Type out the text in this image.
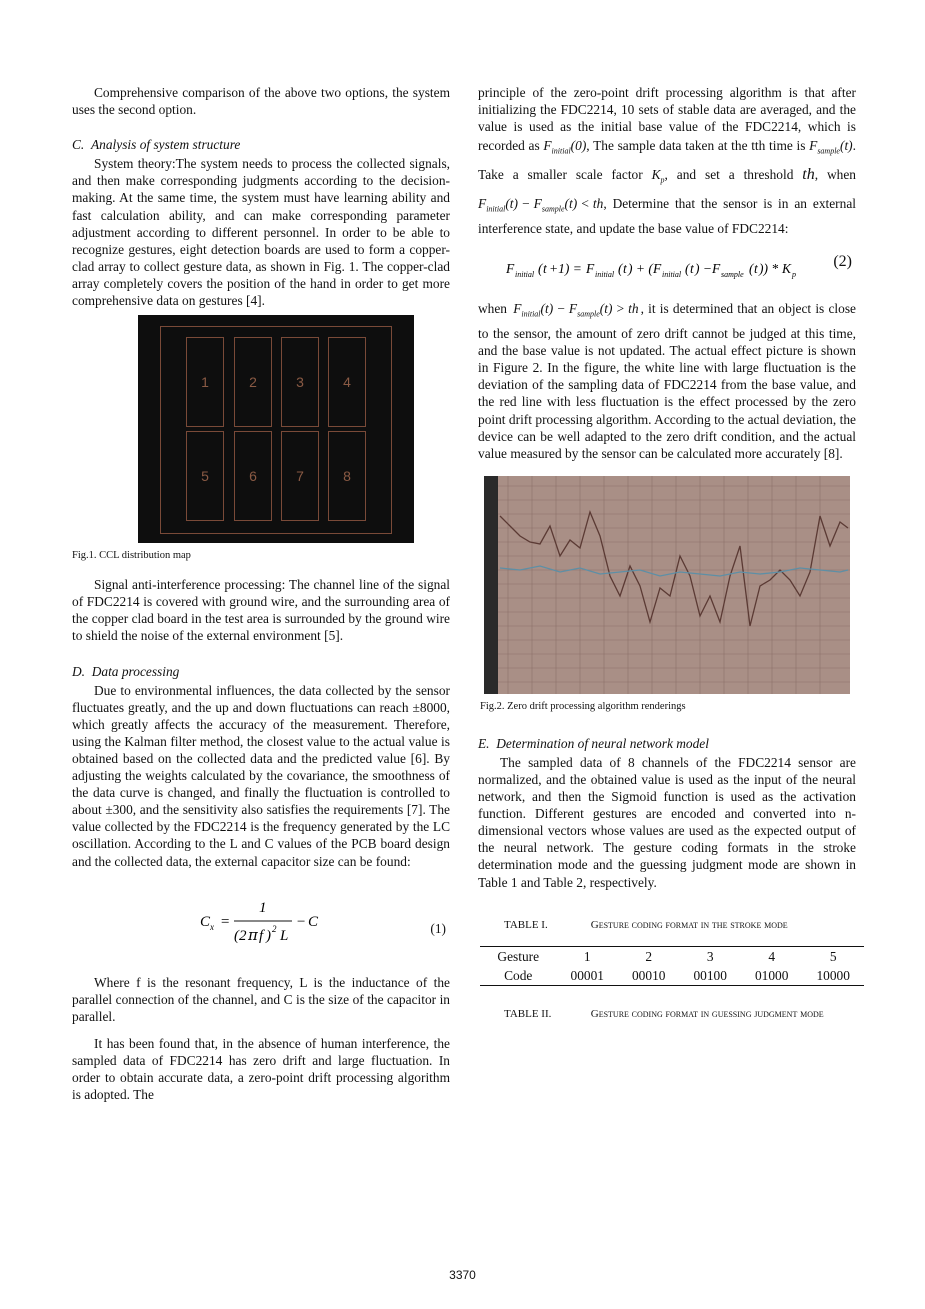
Comprehensive comparison of the above two options, the system uses the second option.

C.  Analysis of system structure

System theory:The system needs to process the collected signals, and then make corresponding judgments according to the decision-making. At the same time, the system must have learning ability and fast calculation ability, and can make corresponding parameter adjustment according to different personnel. In order to be able to recognize gestures, eight detection boards are used to form a copper-clad array to collect gesture data, as shown in Fig. 1. The copper-clad array completely covers the position of the hand in order to get more comprehensive data on gestures [4].

1	2	3	4
5	6	7	8

Fig.1. CCL distribution map

Signal anti-interference processing: The channel line of the signal of FDC2214 is covered with ground wire, and the surrounding area of the copper clad board in the test area is surrounded by the ground wire to shield the noise of the external environment [5].

D.  Data processing

Due to environmental influences, the data collected by the sensor fluctuates greatly, and the up and down fluctuations can reach ±8000, which greatly affects the accuracy of the measurement. Therefore, using the Kalman filter method, the closest value to the actual value is obtained based on the collected data and the predicted value [6]. By adjusting the weights calculated by the covariance, the smoothness of the data curve is changed, and finally the fluctuation is controlled to about ±300, and the sensitivity also satisfies the requirements [7]. The value collected by the FDC2214 is the frequency generated by the LC oscillation. According to the L and C values of the PCB board design and the collected data, the external capacitor size can be found:

C x =
1
(2 π f ) 2 L
− C	(1)

Where f is the resonant frequency, L is the inductance of the parallel connection of the channel, and C is the size of the capacitor in parallel.

It has been found that, in the absence of human interference, the sampled data of FDC2214 has zero drift and large fluctuation. In order to obtain accurate data, a zero-point drift processing algorithm is adopted. The

principle of the zero-point drift processing algorithm is that after initializing the FDC2214, 10 sets of stable data are averaged, and the value is used as the initial base value of the FDC2214, which is recorded as $F_{initial}(0)$, The sample data taken at the tth time is $F_{sample}(t)$. Take a smaller scale factor $K_p$, and set a threshold th, when $F_{initial}(t) - F_{sample}(t)$ < th, Determine that the sensor is in an external interference state, and update the base value of FDC2214:

F initial ( t +1) = F initial ( t ) + ( F initial ( t ) − F sample ( t )) * K p
(2)

when $F_{initial}(t) - F_{sample}(t)$ > th , it is determined that an object is close to the sensor, the amount of zero drift cannot be judged at this time, and the base value is not updated. The actual effect picture is shown in Figure 2. In the figure, the white line with large fluctuation is the deviation of the sampling data of FDC2214 from the base value, and the red line with less fluctuation is the effect processed by the zero point drift processing algorithm. According to the actual deviation, the device can be well adapted to the zero drift condition, and the actual value measured by the sensor can be calculated more accurately [8].

Fig.2. Zero drift processing algorithm renderings

E.  Determination of neural network model

The sampled data of 8 channels of the FDC2214 sensor are normalized, and the obtained value is used as the input of the neural network, and then the Sigmoid function is used as the activation function. Different gestures are encoded and converted into n-dimensional vectors whose values are used as the expected output of the neural network. The gesture coding formats in the stroke determination mode and the guessing judgment mode are shown in Table 1 and Table 2, respectively.

TABLE I.	Gesture coding format in the stroke mode

Gesture	1	2	3	4	5
Code	00001	00010	00100	01000	10000

TABLE II.	Gesture coding format in guessing judgment mode

3370
